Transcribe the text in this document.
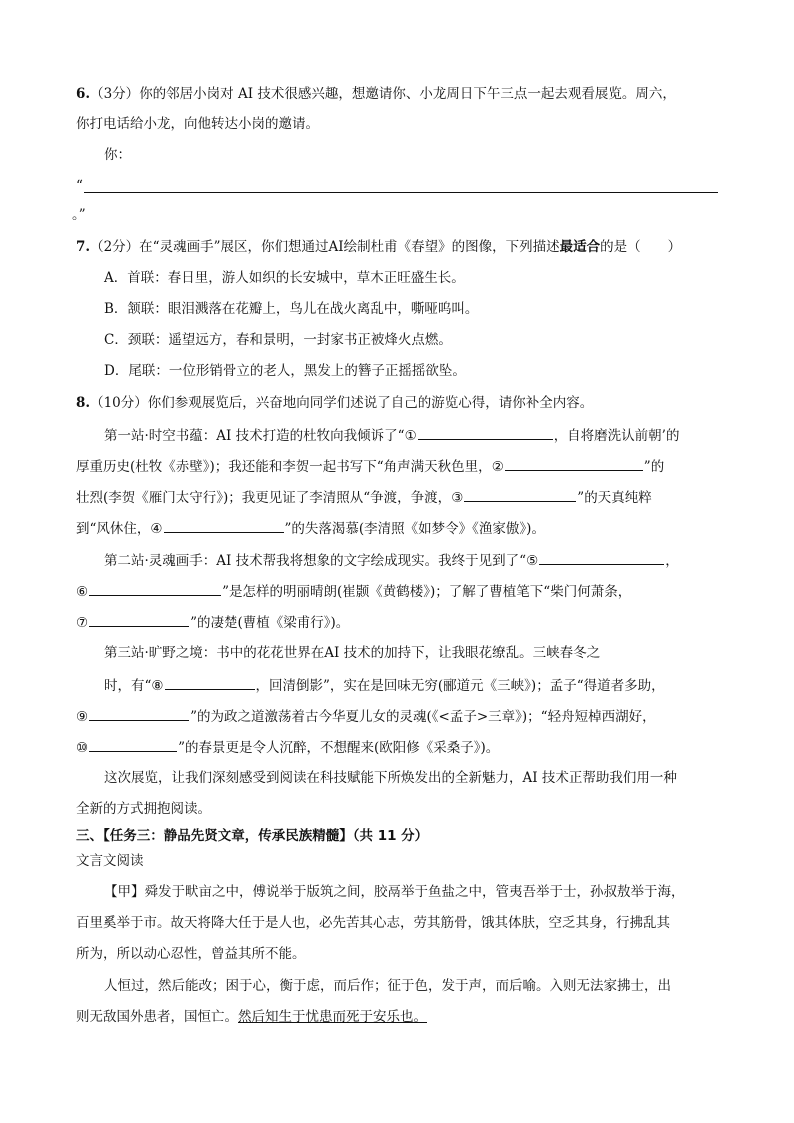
6.（3分）你的邻居小岗对 AI 技术很感兴趣，想邀请你、小龙周日下午三点一起去观看展览。周六，
你打电话给小龙，向他转达小岗的邀请。
你：
“
。”
7.（2分）在“灵魂画手”展区，你们想通过AI绘制杜甫《春望》的图像，下列描述最适合的是（　　）
A．首联：春日里，游人如织的长安城中，草木正旺盛生长。
B．颔联：眼泪溅落在花瓣上，鸟儿在战火离乱中，嘶哑呜叫。
C．颈联：遥望远方，春和景明，一封家书正被烽火点燃。
D．尾联：一位形销骨立的老人，黑发上的簪子正摇摇欲坠。
8.（10分）你们参观展览后，兴奋地向同学们述说了自己的游览心得，请你补全内容。
第一站·时空书蕴：AI 技术打造的杜牧向我倾诉了“①	，自将磨洗认前朝’的
厚重历史(杜牧《赤壁》)；我还能和李贺一起书写下“角声满天秋色里，②	”的
壮烈(李贺《雁门太守行》)；我更见证了李清照从“争渡，争渡，③	”的天真纯粹
到“风休住，④	”的失落渴慕(李清照《如梦令》《渔家傲》)。
第二站·灵魂画手：AI 技术帮我将想象的文字绘成现实。我终于见到了“⑤	，
⑥	”是怎样的明丽晴朗(崔颢《黄鹤楼》)；了解了曹植笔下“柴门何萧条，
⑦	”的凄楚(曹植《梁甫行》)。
第三站·旷野之境：书中的花花世界在AI 技术的加持下，让我眼花缭乱。三峡春冬之
时，有“⑧	，回清倒影”，实在是回味无穷(郦道元《三峡》)；孟子“得道者多助，
⑨	”的为政之道激荡着古今华夏儿女的灵魂(《<孟子>三章》)；“轻舟短棹西湖好，
⑩	”的春景更是令人沉醉，不想醒来(欧阳修《采桑子》)。
这次展览，让我们深刻感受到阅读在科技赋能下所焕发出的全新魅力，AI 技术正帮助我们用一种
全新的方式拥抱阅读。
三、【任务三：静品先贤文章，传承民族精髓】（共 11 分）
文言文阅读
【甲】舜发于畎亩之中，傅说举于版筑之间，胶鬲举于鱼盐之中，管夷吾举于士，孙叔敖举于海，
百里奚举于市。故天将降大任于是人也，必先苦其心志，劳其筋骨，饿其体肤，空乏其身，行拂乱其
所为，所以动心忍性，曾益其所不能。
人恒过，然后能改；困于心，衡于虑，而后作；征于色，发于声，而后喻。入则无法家拂士，出
则无敌国外患者，国恒亡。然后知生于忧患而死于安乐也。
